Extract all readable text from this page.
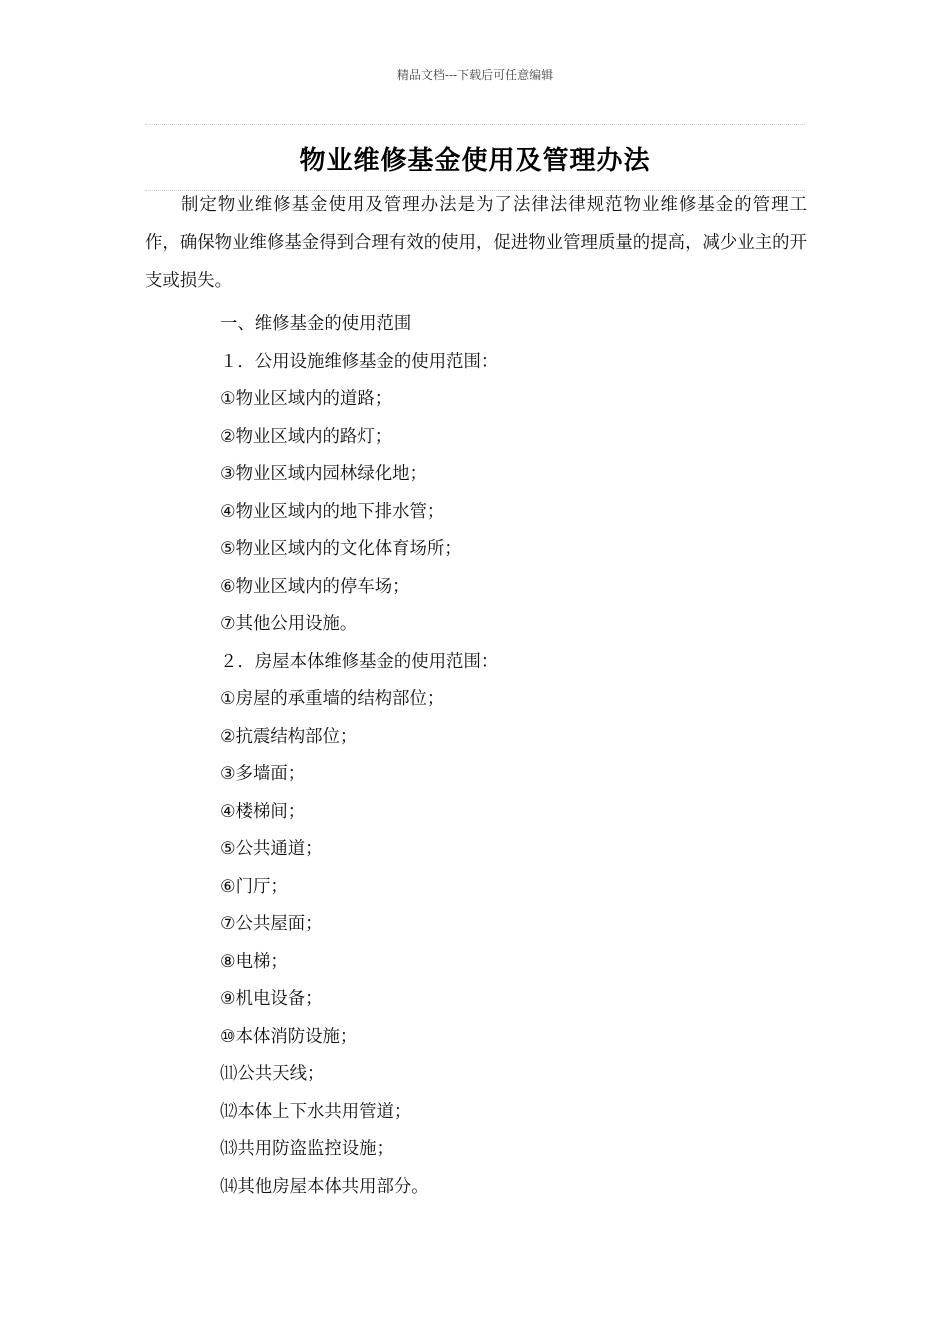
精品文档---下载后可任意编辑
物业维修基金使用及管理办法

制定物业维修基金使用及管理办法是为了法律法律规范物业维修基金的管理工作，确保物业维修基金得到合理有效的使用，促进物业管理质量的提高，减少业主的开支或损失。

一、维修基金的使用范围
１．公用设施维修基金的使用范围：
①物业区域内的道路；
②物业区域内的路灯；
③物业区域内园林绿化地；
④物业区域内的地下排水管；
⑤物业区域内的文化体育场所；
⑥物业区域内的停车场；
⑦其他公用设施。
２．房屋本体维修基金的使用范围：
①房屋的承重墙的结构部位；
②抗震结构部位；
③多墙面；
④楼梯间；
⑤公共通道；
⑥门厅；
⑦公共屋面；
⑧电梯；
⑨机电设备；
⑩本体消防设施；
⑾公共天线；
⑿本体上下水共用管道；
⒀共用防盗监控设施；
⒁其他房屋本体共用部分。
